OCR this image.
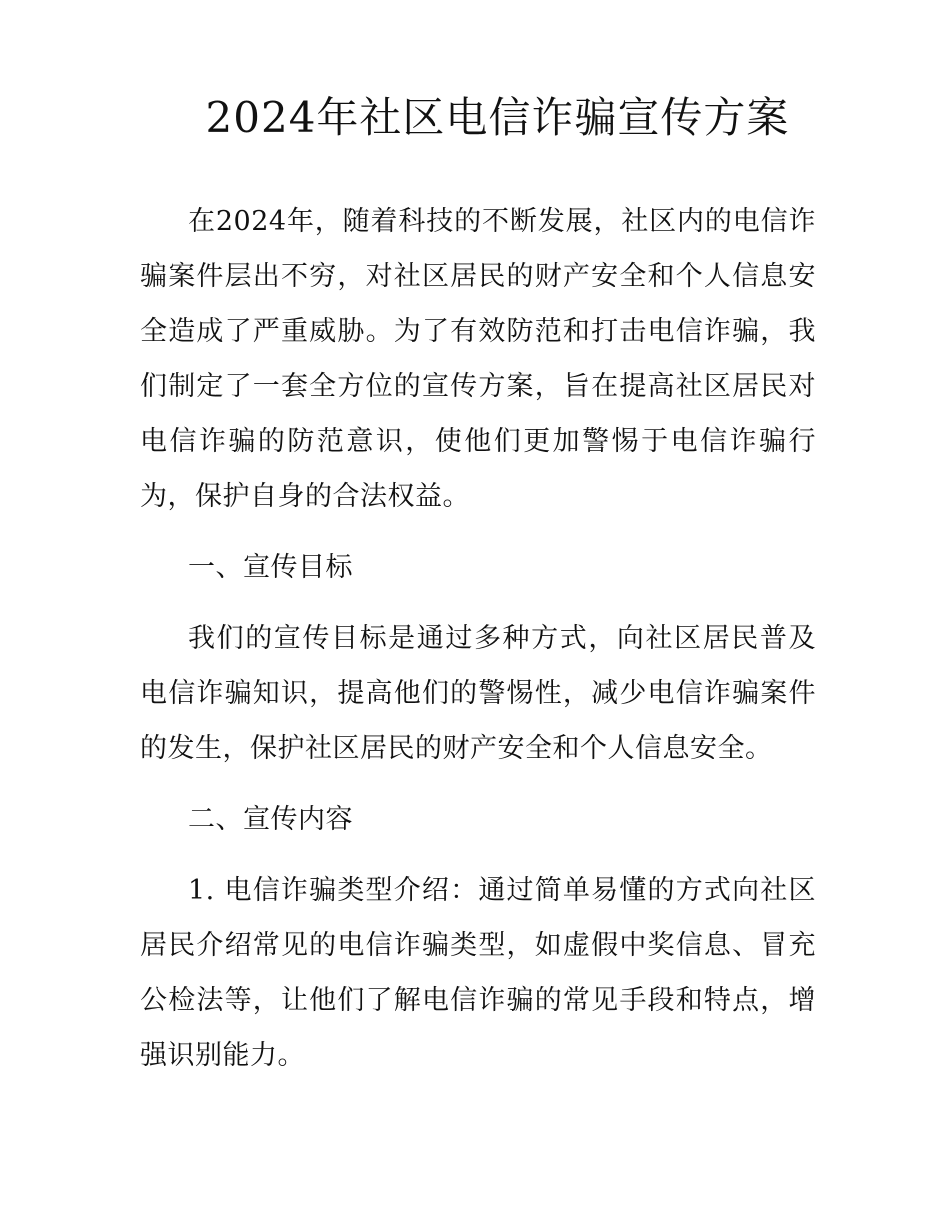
2024年社区电信诈骗宣传方案

在2024年，随着科技的不断发展，社区内的电信诈骗案件层出不穷，对社区居民的财产安全和个人信息安全造成了严重威胁。为了有效防范和打击电信诈骗，我们制定了一套全方位的宣传方案，旨在提高社区居民对电信诈骗的防范意识，使他们更加警惕于电信诈骗行为，保护自身的合法权益。

一、宣传目标

我们的宣传目标是通过多种方式，向社区居民普及电信诈骗知识，提高他们的警惕性，减少电信诈骗案件的发生，保护社区居民的财产安全和个人信息安全。

二、宣传内容

1. 电信诈骗类型介绍：通过简单易懂的方式向社区居民介绍常见的电信诈骗类型，如虚假中奖信息、冒充公检法等，让他们了解电信诈骗的常见手段和特点，增强识别能力。
